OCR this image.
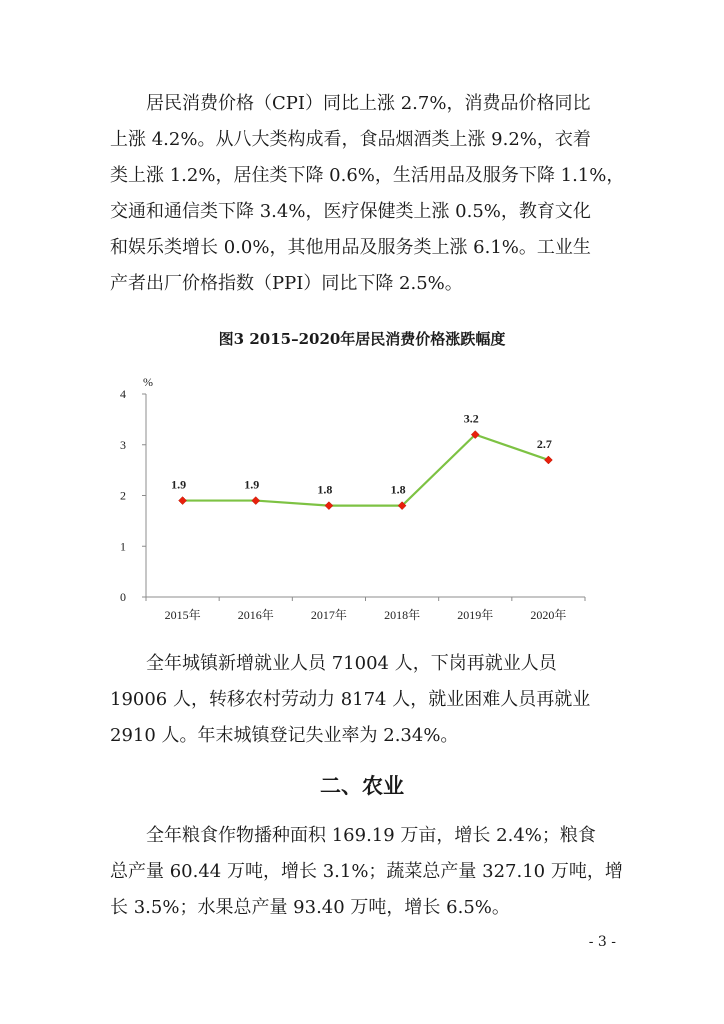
　　居民消费价格（CPI）同比上涨 2.7%，消费品价格同比
上涨 4.2%。从八大类构成看，食品烟酒类上涨 9.2%，衣着
类上涨 1.2%，居住类下降 0.6%，生活用品及服务下降 1.1%，
交通和通信类下降 3.4%，医疗保健类上涨 0.5%，教育文化
和娱乐类增长 0.0%，其他用品及服务类上涨 6.1%。工业生
产者出厂价格指数（PPI）同比下降 2.5%。
图3 2015–2020年居民消费价格涨跌幅度
0
1
2
3
4
%
2015年	2016年	2017年	2018年	2019年	2020年
1.9	1.9	1.8	1.8
3.2
2.7
　　全年城镇新增就业人员 71004 人，下岗再就业人员
19006 人，转移农村劳动力 8174 人，就业困难人员再就业
2910 人。年末城镇登记失业率为 2.34%。
二、农业
　　全年粮食作物播种面积 169.19 万亩，增长 2.4%；粮食
总产量 60.44 万吨，增长 3.1%；蔬菜总产量 327.10 万吨，增
长 3.5%；水果总产量 93.40 万吨，增长 6.5%。
- 3 -
